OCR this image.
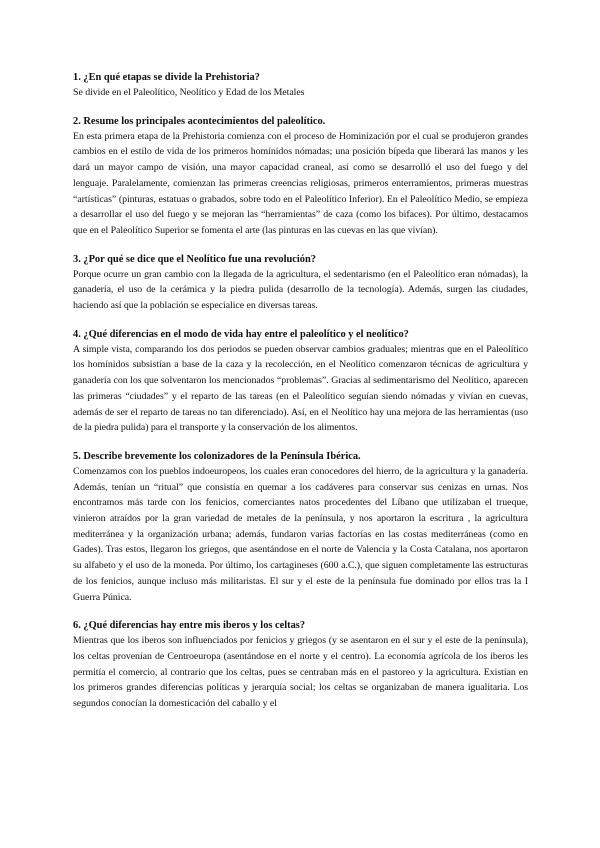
1. ¿En qué etapas se divide la Prehistoria?

Se divide en el Paleolítico, Neolítico y Edad de los Metales

2. Resume los principales acontecimientos del paleolítico.

En esta primera etapa de la Prehistoria comienza con el proceso de Hominización por el cual se produjeron grandes cambios en el estilo de vida de los primeros homínidos nómadas; una posición bípeda que liberará las manos y les dará un mayor campo de visión, una mayor capacidad craneal, así como se desarrolló el uso del fuego y del lenguaje. Paralelamente, comienzan las primeras creencias religiosas, primeros enterramientos, primeras muestras “artísticas” (pinturas, estatuas o grabados, sobre todo en el Paleolítico Inferior). En el Paleolítico Medio, se empieza a desarrollar el uso del fuego y se mejoran las “herramientas” de caza (como los bifaces). Por último, destacamos que en el Paleolítico Superior se fomenta el arte (las pinturas en las cuevas en las que vivían).

3. ¿Por qué se dice que el Neolítico fue una revolución?

Porque ocurre un gran cambio con la llegada de la agricultura, el sedentarismo (en el Paleolítico eran nómadas), la ganadería, el uso de la cerámica y la piedra pulida (desarrollo de la tecnología). Además, surgen las ciudades, haciendo así que la población se especialice en diversas tareas.

4. ¿Qué diferencias en el modo de vida hay entre el paleolítico y el neolítico?

A simple vista, comparando los dos periodos se pueden observar cambios graduales; mientras que en el Paleolítico los homínidos subsistían a base de la caza y la recolección, en el Neolítico comenzaron técnicas de agricultura y ganadería con los que solventaron los mencionados “problemas”. Gracias al sedimentarismo del Neolítico, aparecen las primeras “ciudades” y el reparto de las tareas (en el Paleolítico seguían siendo nómadas y vivían en cuevas, además de ser el reparto de tareas no tan diferenciado). Así, en el Neolítico hay una mejora de las herramientas (uso de la piedra pulida) para el transporte y la conservación de los alimentos.

5. Describe brevemente los colonizadores de la Península Ibérica.

Comenzamos con los pueblos indoeuropeos, los cuales eran conocedores del hierro, de la agricultura y la ganadería. Además, tenían un “ritual” que consistía en quemar a los cadáveres para conservar sus cenizas en urnas. Nos encontramos más tarde con los fenicios, comerciantes natos procedentes del Líbano que utilizaban el trueque, vinieron atraídos por la gran variedad de metales de la península, y nos aportaron la escritura , la agricultura mediterránea y la organización urbana; además, fundaron varias factorías en las costas mediterráneas (como en Gades). Tras estos, llegaron los griegos, que asentándose en el norte de Valencia y la Costa Catalana, nos aportaron su alfabeto y el uso de la moneda. Por último, los cartagineses (600 a.C.), que siguen completamente las estructuras de los fenicios, aunque incluso más militaristas. El sur y el este de la península fue dominado por ellos tras la I Guerra Púnica.

6. ¿Qué diferencias hay entre mis iberos y los celtas?

Mientras que los iberos son influenciados por fenicios y griegos (y se asentaron en el sur y el este de la península), los celtas provenían de Centroeuropa (asentándose en el norte y el centro). La economía agrícola de los iberos les permitía el comercio, al contrario que los celtas, pues se centraban más en el pastoreo y la agricultura. Existían en los primeros grandes diferencias políticas y jerarquía social; los celtas se organizaban de manera igualitaria. Los segundos conocían la domesticación del caballo y el
